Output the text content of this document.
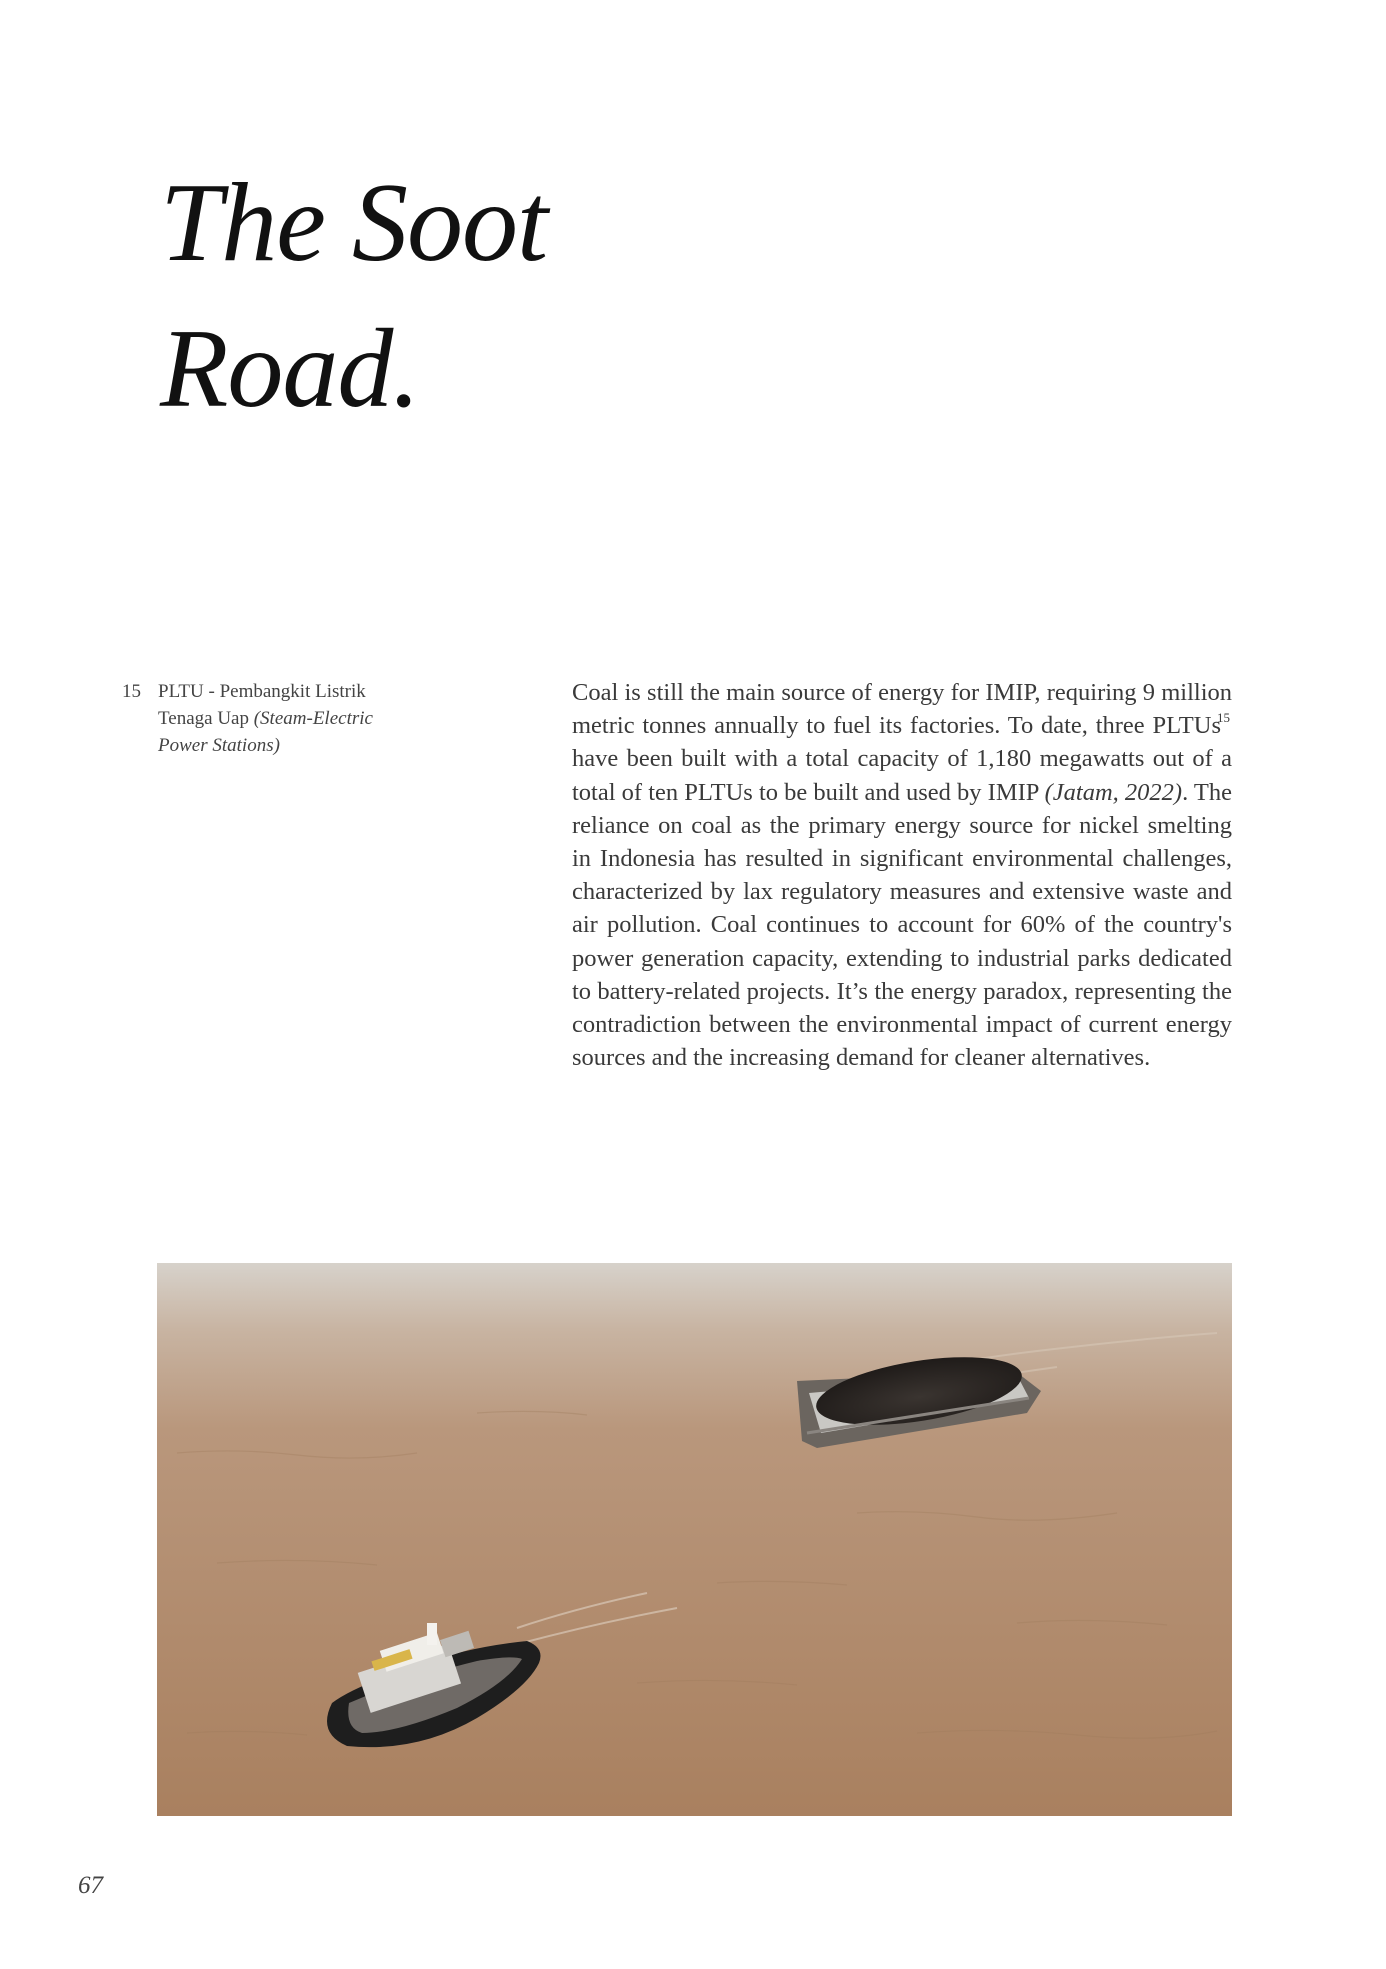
The Soot
Road.
15 PLTU - Pembangkit Listrik Tenaga Uap (Steam-Electric Power Stations)

Coal is still the main source of energy for IMIP, requiring 9 million metric tonnes annually to fuel its factories. To date, three PLTUs$^{15}$ have been built with a total capacity of 1,180 megawatts out of a total of ten PLTUs to be built and used by IMIP (Jatam, 2022). The reliance on coal as the primary energy source for nickel smelting in Indonesia has resulted in significant environmental challenges, characterized by lax regulatory measures and extensive waste and air pollution. Coal continues to account for 60% of the country's power generation capacity, extending to industrial parks dedicated to battery-related projects. It’s the energy paradox, representing the contradiction between the environmental impact of current energy sources and the increasing demand for cleaner alternatives.

67
